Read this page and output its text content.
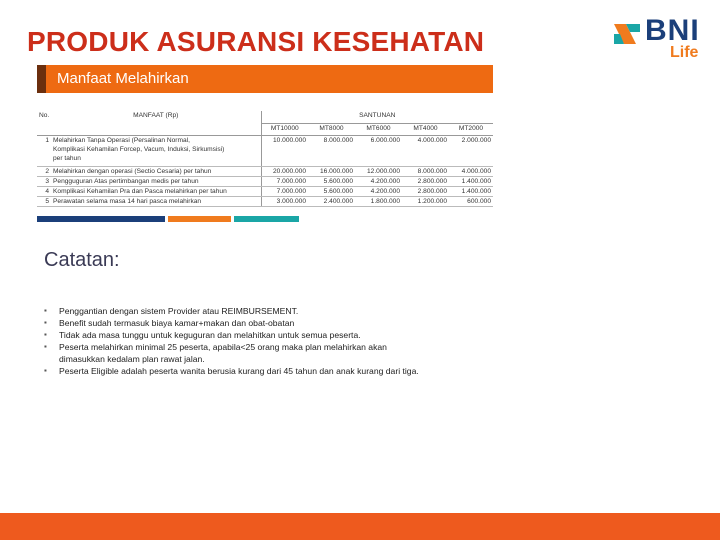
PRODUK ASURANSI KESEHATAN	BNI
Life
Manfaat Melahirkan
No.	MANFAAT (Rp)	SANTUNAN				
		MT10000	MT8000	MT6000	MT4000	MT2000
1	Melahirkan Tanpa Operasi (Persalinan Normal,
Komplikasi Kehamilan Forcep, Vacum, Induksi, Sirkumsisi)
per tahun	10.000.000	8.000.000	6.000.000	4.000.000	2.000.000
2	Melahirkan dengan operasi (Sectio Cesaria) per tahun	20.000.000	16.000.000	12.000.000	8.000.000	4.000.000
3	Pengguguran Atas pertimbangan medis per tahun	7.000.000	5.600.000	4.200.000	2.800.000	1.400.000
4	Komplikasi Kehamilan Pra dan Pasca melahirkan per tahun	7.000.000	5.600.000	4.200.000	2.800.000	1.400.000
5	Perawatan selama masa 14 hari pasca melahirkan	3.000.000	2.400.000	1.800.000	1.200.000	600.000
Catatan:
▪ Penggantian dengan sistem Provider atau REIMBURSEMENT.
▪ Benefit sudah termasuk biaya kamar+makan dan obat-obatan
▪ Tidak ada masa tunggu untuk keguguran dan melahitkan untuk semua peserta.
▪ Peserta melahirkan minimal 25 peserta, apabila<25 orang maka plan melahirkan akan dimasukkan kedalam plan rawat jalan.
▪ Peserta Eligible adalah peserta wanita berusia kurang dari 45 tahun dan anak kurang dari tiga.
